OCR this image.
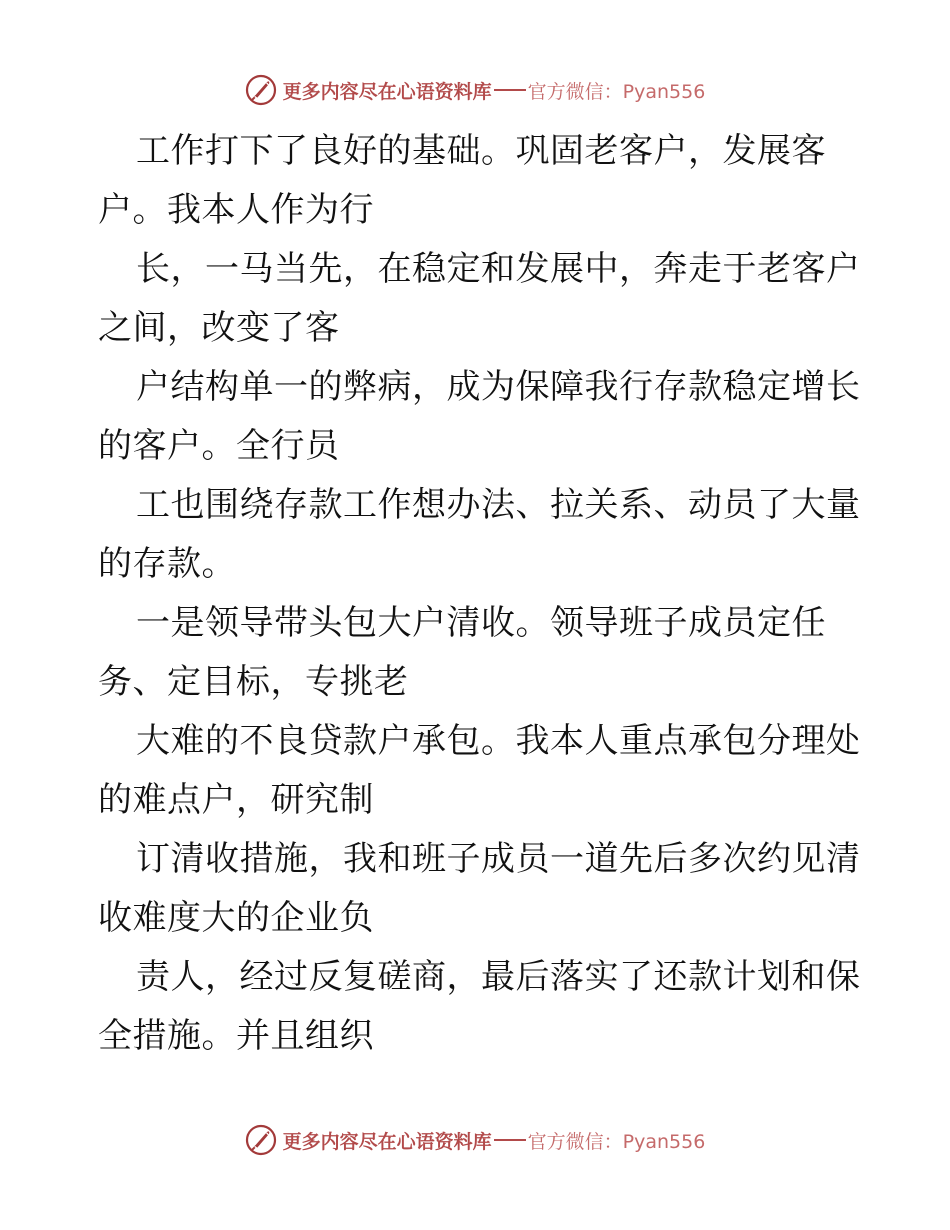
更多内容尽在心语资料库 官方微信：Pyan556
工作打下了良好的基础。巩固老客户，发展客
户。我本人作为行
长，一马当先，在稳定和发展中，奔走于老客户
之间，改变了客
户结构单一的弊病，成为保障我行存款稳定增长
的客户。全行员
工也围绕存款工作想办法、拉关系、动员了大量
的存款。
一是领导带头包大户清收。领导班子成员定任
务、定目标，专挑老
大难的不良贷款户承包。我本人重点承包分理处
的难点户，研究制
订清收措施，我和班子成员一道先后多次约见清
收难度大的企业负
责人，经过反复磋商，最后落实了还款计划和保
全措施。并且组织
更多内容尽在心语资料库 官方微信：Pyan556
